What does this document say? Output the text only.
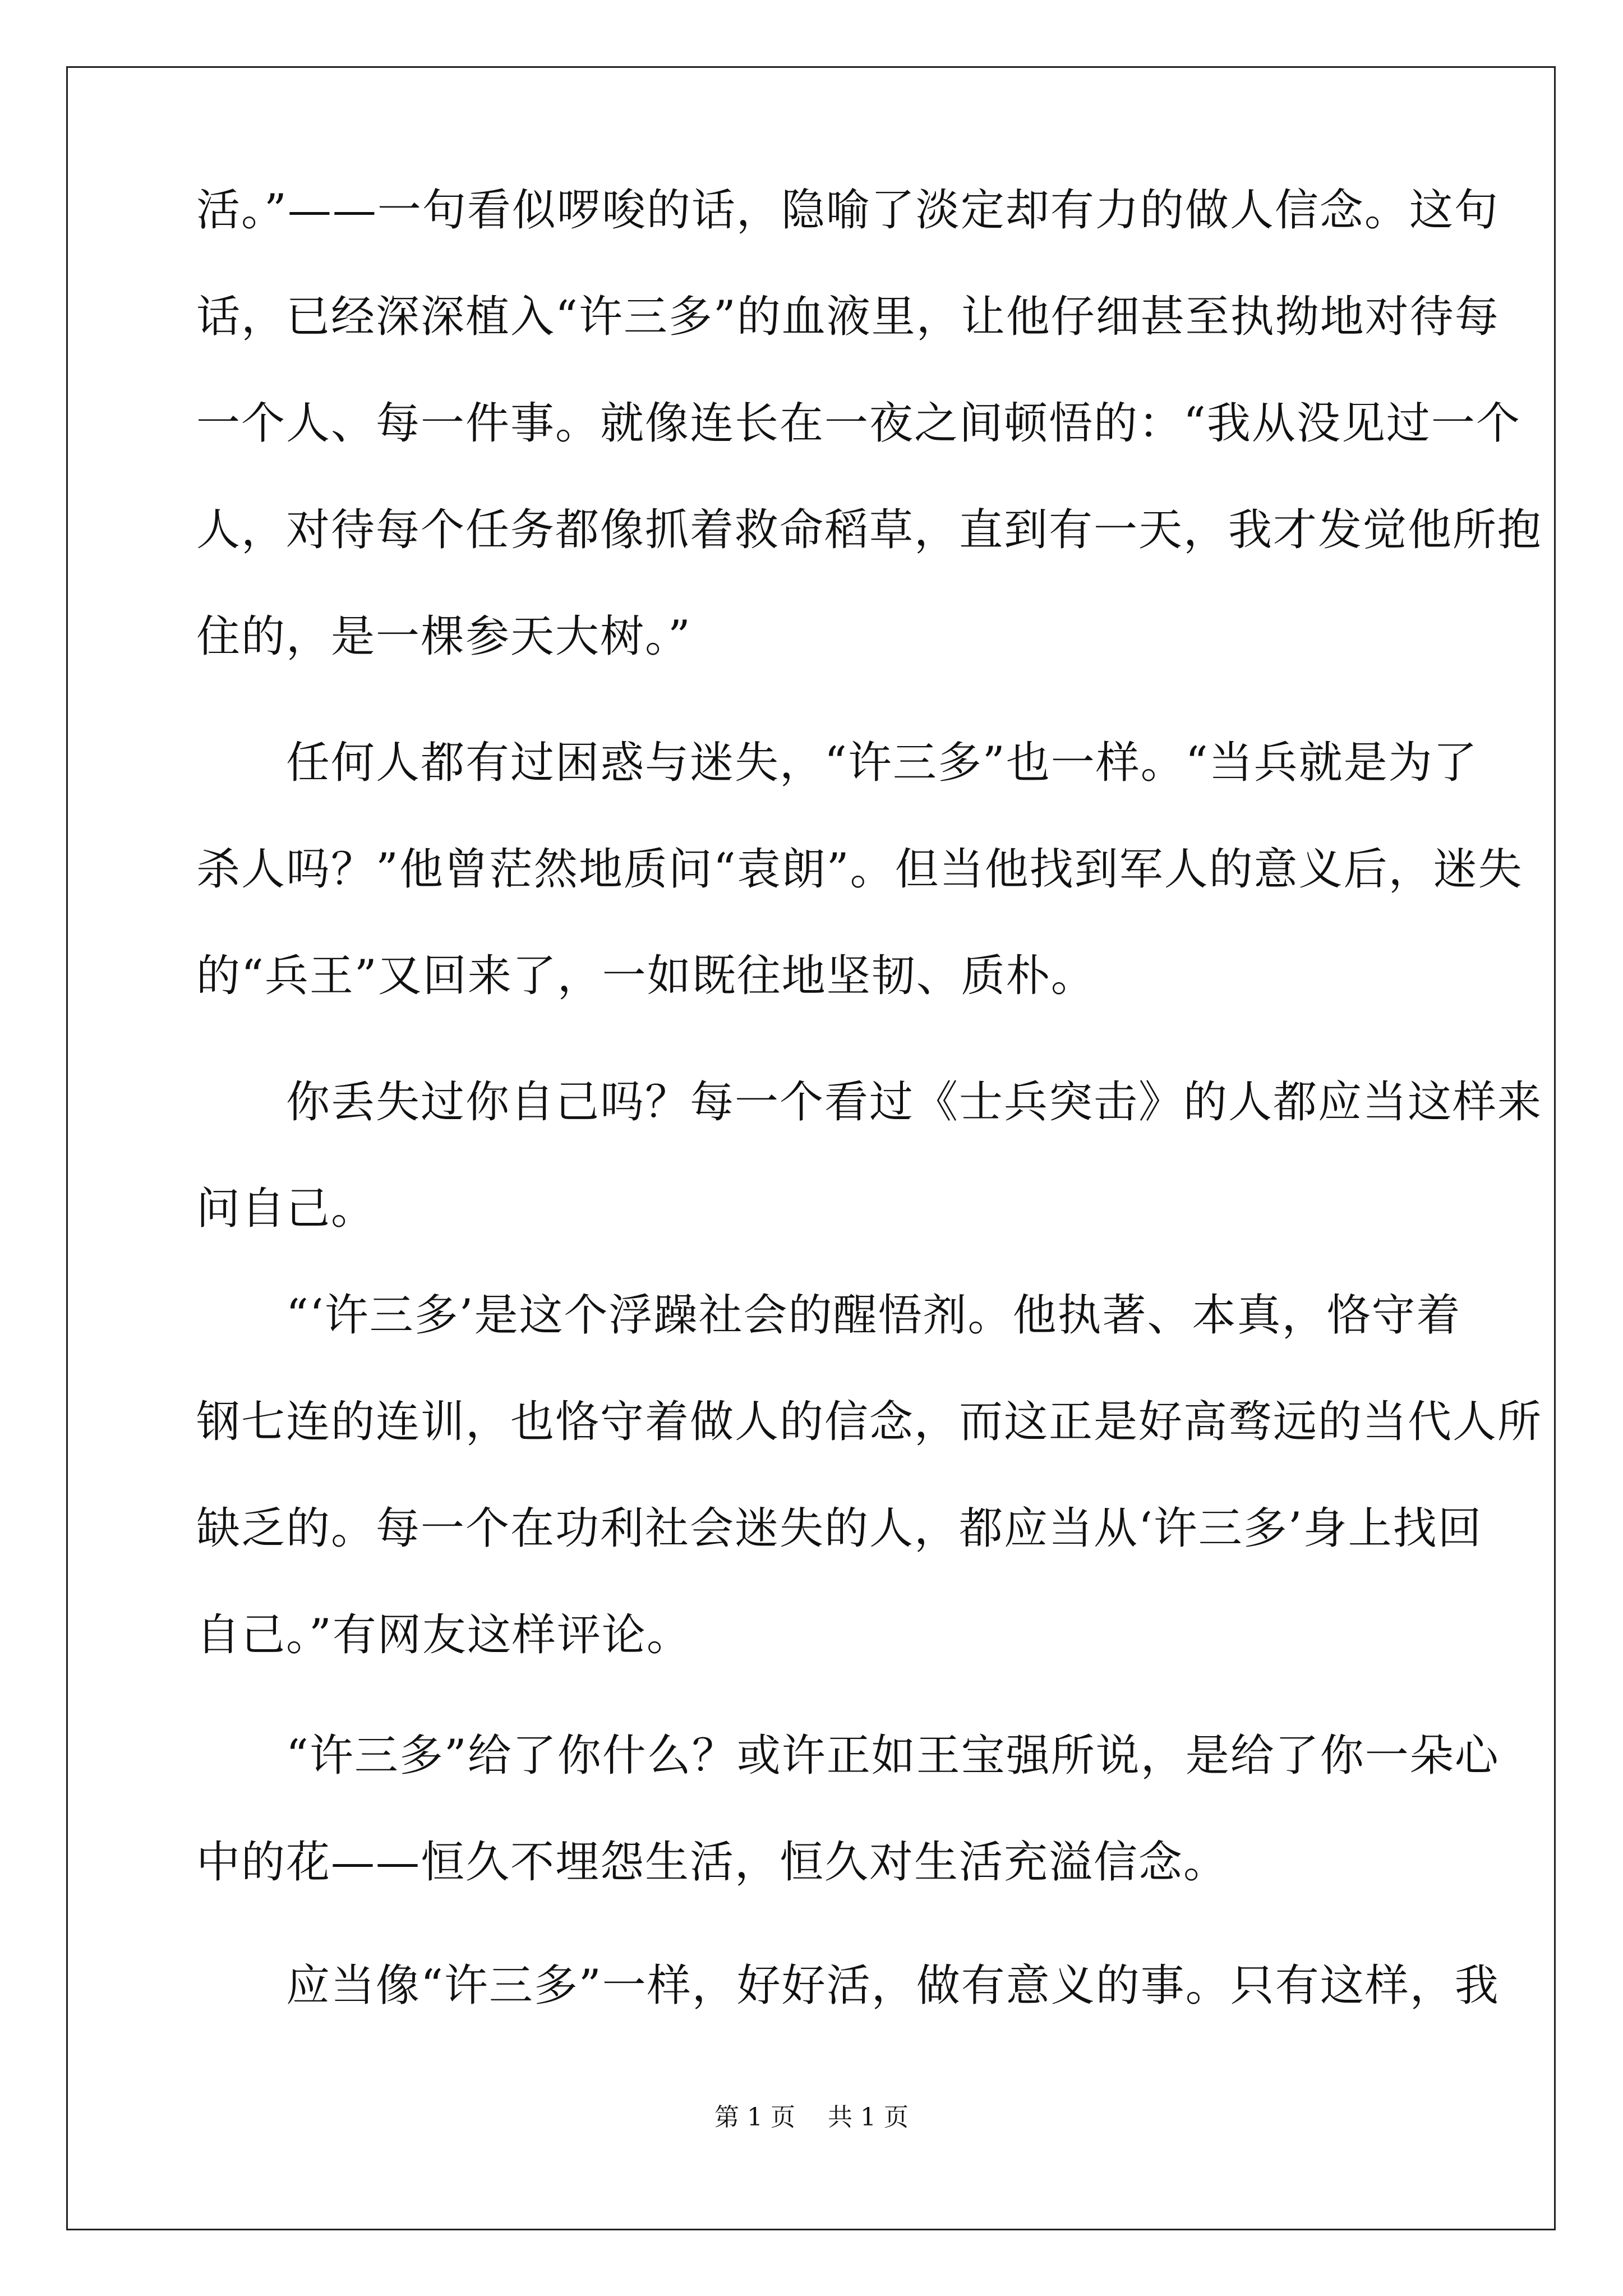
活。”——一句看似啰唆的话，隐喻了淡定却有力的做人信念。这句
话，已经深深植入“许三多”的血液里，让他仔细甚至执拗地对待每
一个人、每一件事。就像连长在一夜之间顿悟的：“我从没见过一个
人，对待每个任务都像抓着救命稻草，直到有一天，我才发觉他所抱
住的，是一棵参天大树。”
　　任何人都有过困惑与迷失，“许三多”也一样。“当兵就是为了
杀人吗？”他曾茫然地质问“袁朗”。但当他找到军人的意义后，迷失
的“兵王”又回来了，一如既往地坚韧、质朴。
　　你丢失过你自己吗？每一个看过《士兵突击》的人都应当这样来
问自己。
　　“‘许三多’是这个浮躁社会的醒悟剂。他执著、本真，恪守着
钢七连的连训，也恪守着做人的信念，而这正是好高骛远的当代人所
缺乏的。每一个在功利社会迷失的人，都应当从‘许三多’身上找回
自己。”有网友这样评论。
　　“许三多”给了你什么？或许正如王宝强所说，是给了你一朵心
中的花——恒久不埋怨生活，恒久对生活充溢信念。
　　应当像“许三多”一样，好好活，做有意义的事。只有这样，我
第 1 页　 共 1 页
